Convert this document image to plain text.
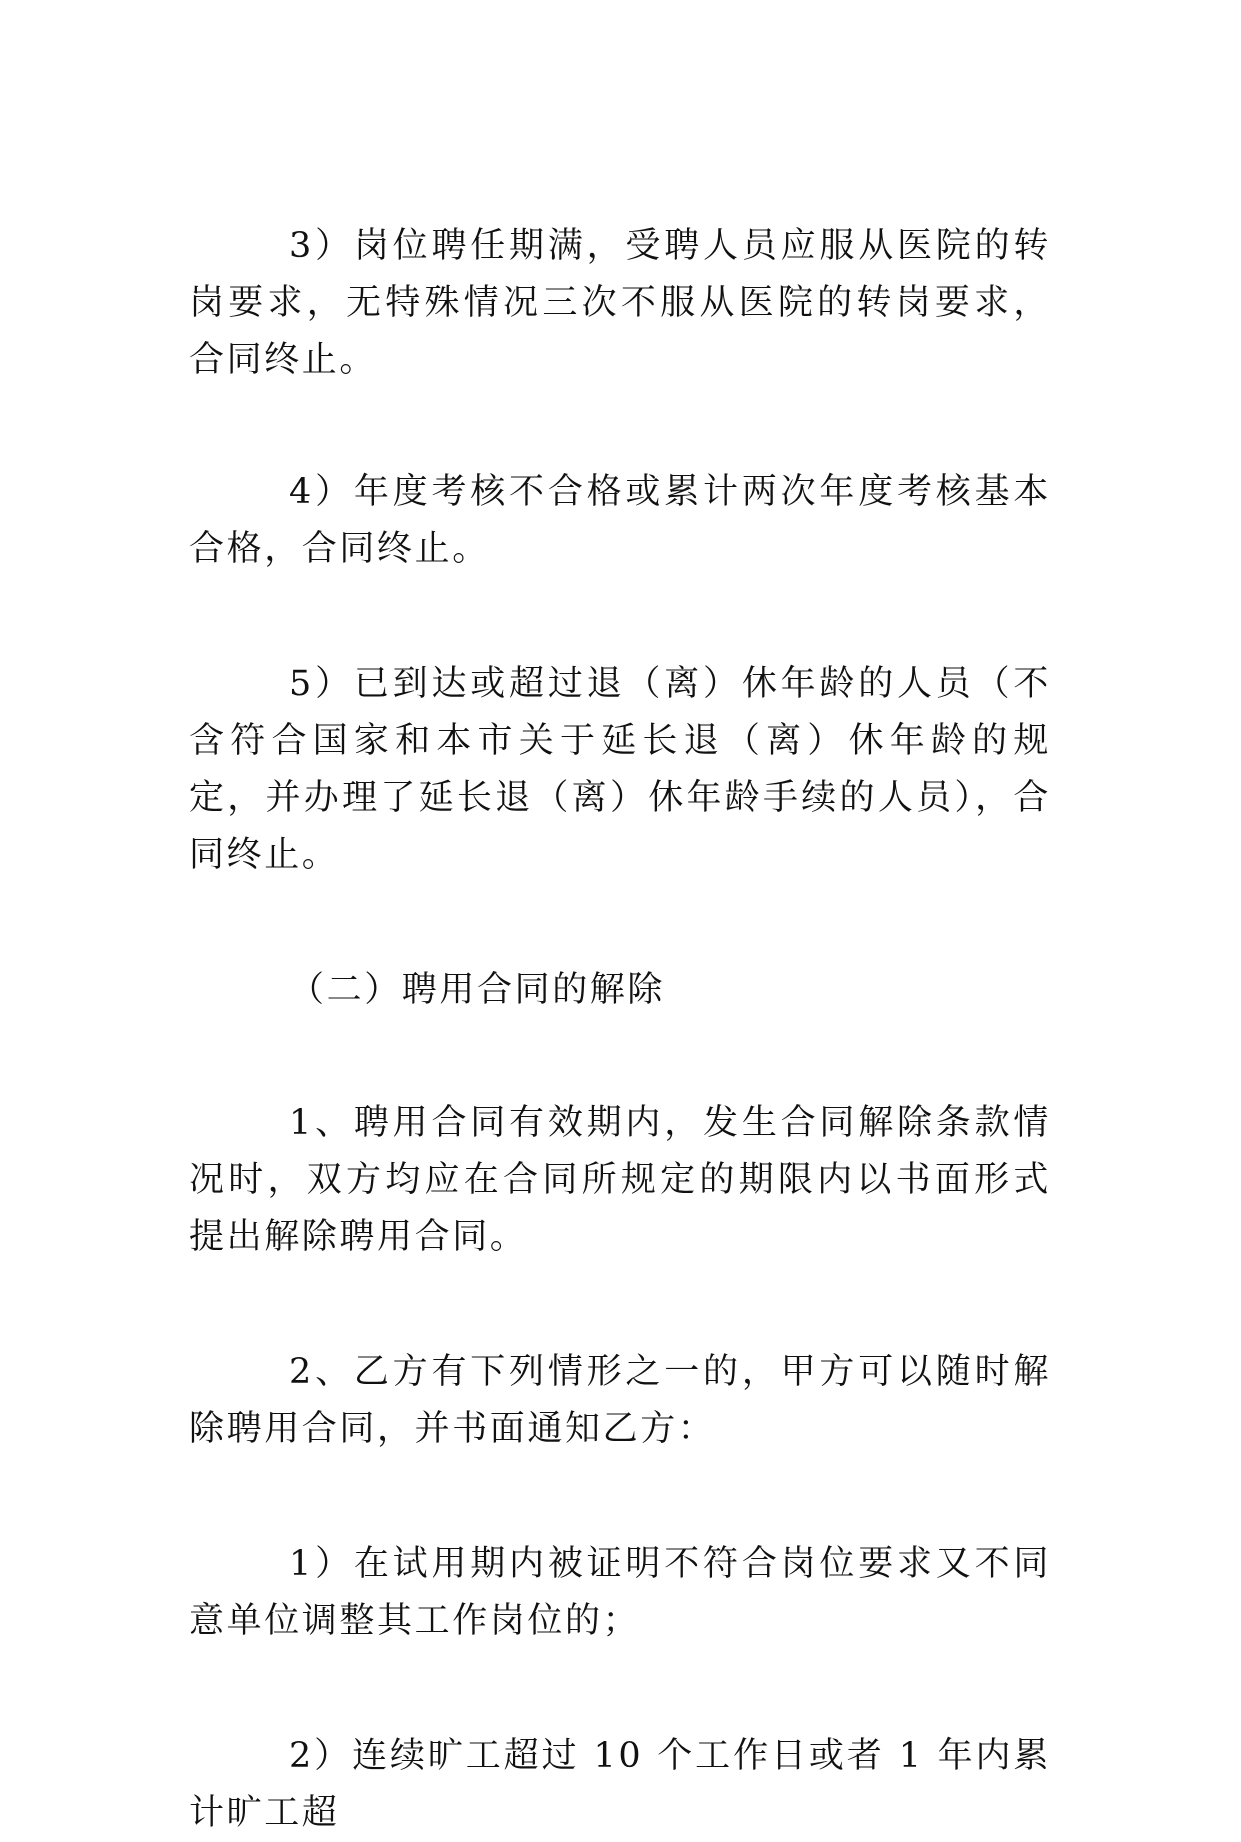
3）岗位聘任期满，受聘人员应服从医院的转岗要求，无特殊情况三次不服从医院的转岗要求，合同终止。

4）年度考核不合格或累计两次年度考核基本合格，合同终止。

5）已到达或超过退（离）休年龄的人员（不含符合国家和本市关于延长退（离）休年龄的规定，并办理了延长退（离）休年龄手续的人员），合同终止。

（二）聘用合同的解除

1、聘用合同有效期内，发生合同解除条款情况时，双方均应在合同所规定的期限内以书面形式提出解除聘用合同。

2、乙方有下列情形之一的，甲方可以随时解除聘用合同，并书面通知乙方：

1）在试用期内被证明不符合岗位要求又不同意单位调整其工作岗位的；

2）连续旷工超过 10 个工作日或者 1 年内累计旷工超
